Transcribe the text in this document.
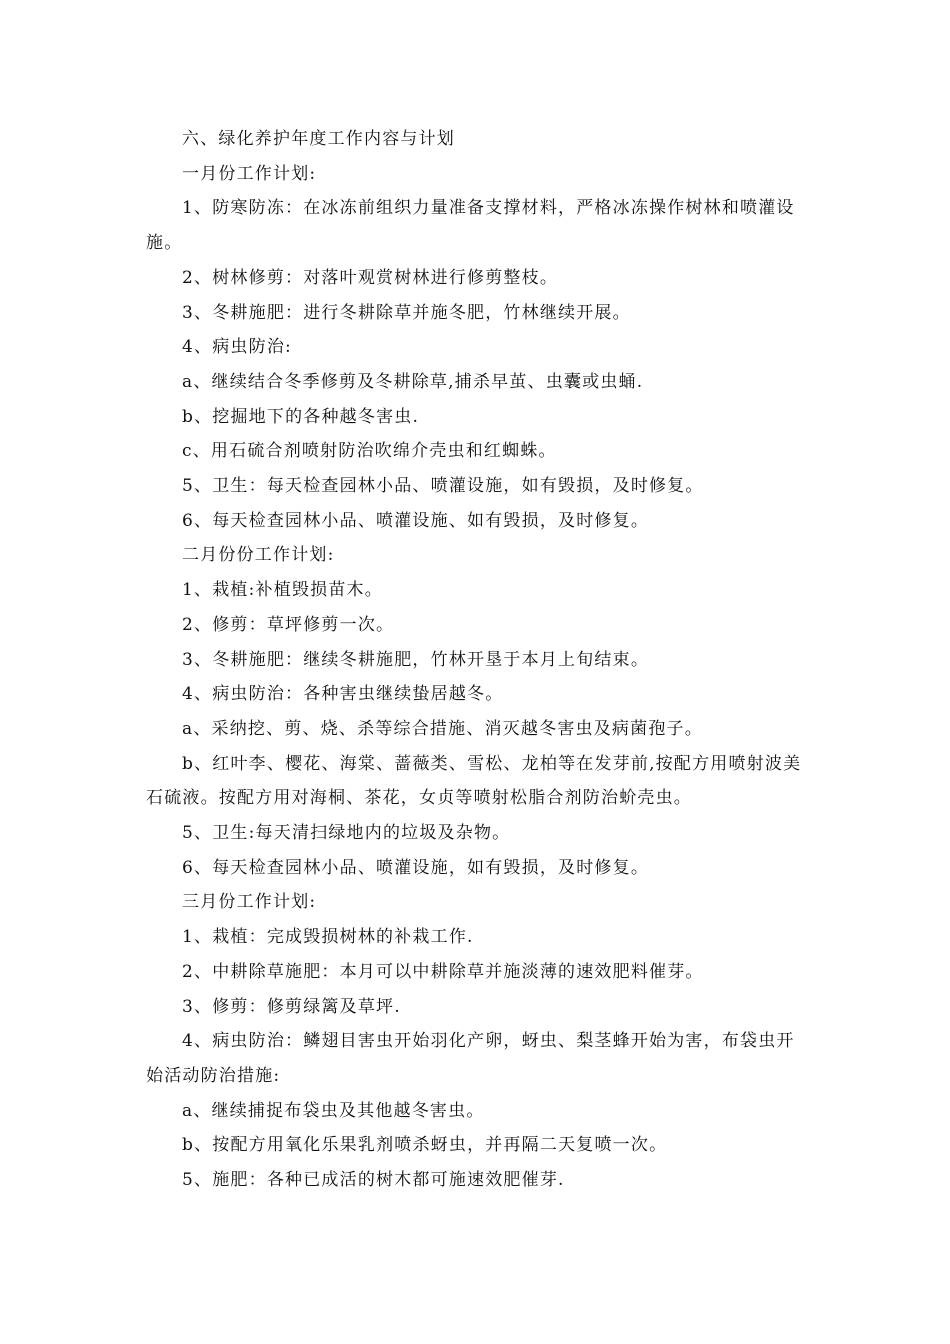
六、绿化养护年度工作内容与计划

一月份工作计划:

1、防寒防冻：在冰冻前组织力量准备支撑材料，严格冰冻操作树林和喷灌设施。

2、树林修剪：对落叶观赏树林进行修剪整枝。

3、冬耕施肥：进行冬耕除草并施冬肥，竹林继续开展。

4、病虫防治:

a、继续结合冬季修剪及冬耕除草,捕杀早茧、虫囊或虫蛹.

b、挖掘地下的各种越冬害虫.

c、用石硫合剂喷射防治吹绵介壳虫和红蜘蛛。

5、卫生：每天检查园林小品、喷灌设施，如有毁损，及时修复。

6、每天检查园林小品、喷灌设施、如有毁损，及时修复。

二月份份工作计划:

1、栽植:补植毁损苗木。

2、修剪：草坪修剪一次。

3、冬耕施肥：继续冬耕施肥，竹林开垦于本月上旬结束。

4、病虫防治：各种害虫继续蛰居越冬。

a、采纳挖、剪、烧、杀等综合措施、消灭越冬害虫及病菌孢子。

b、红叶李、樱花、海棠、蔷薇类、雪松、龙柏等在发芽前,按配方用喷射波美石硫液。按配方用对海桐、茶花，女贞等喷射松脂合剂防治蚧壳虫。

5、卫生:每天清扫绿地内的垃圾及杂物。

6、每天检查园林小品、喷灌设施，如有毁损，及时修复。

三月份工作计划:

1、栽植：完成毁损树林的补栽工作.

2、中耕除草施肥：本月可以中耕除草并施淡薄的速效肥料催芽。

3、修剪：修剪绿篱及草坪.

4、病虫防治：鳞翅目害虫开始羽化产卵，蚜虫、梨茎蜂开始为害，布袋虫开始活动防治措施:

a、继续捕捉布袋虫及其他越冬害虫。

b、按配方用氧化乐果乳剂喷杀蚜虫，并再隔二天复喷一次。

5、施肥：各种已成活的树木都可施速效肥催芽.
